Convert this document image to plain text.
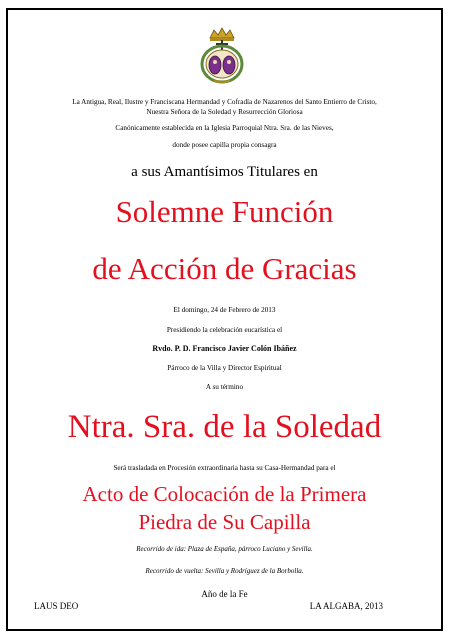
La Antigua, Real, Ilustre y Franciscana Hermandad y Cofradía de Nazarenos del Santo Entierro de Cristo,
Nuestra Señora de la Soledad y Resurrección Gloriosa
Canónicamente establecida en la Iglesia Parroquial Ntra. Sra. de las Nieves,
donde posee capilla propia consagra
a sus Amantísimos Titulares en
Solemne Función
de Acción de Gracias
El domingo, 24 de Febrero de 2013
Presidiendo la celebración eucarística el
Rvdo. P. D. Francisco Javier Colón Ibáñez
Párroco de la Villa y Director Espiritual
A su término
Ntra. Sra. de la Soledad
Será trasladada en Procesión extraordinaria hasta su Casa-Hermandad para el
Acto de Colocación de la Primera
Piedra de Su Capilla
Recorrido de ida: Plaza de España, párroco Luciano y Sevilla.
Recorrido de vuelta: Sevilla y Rodríguez de la Borbolla.
Año de la Fe
LAUS DEO	LA ALGABA, 2013
